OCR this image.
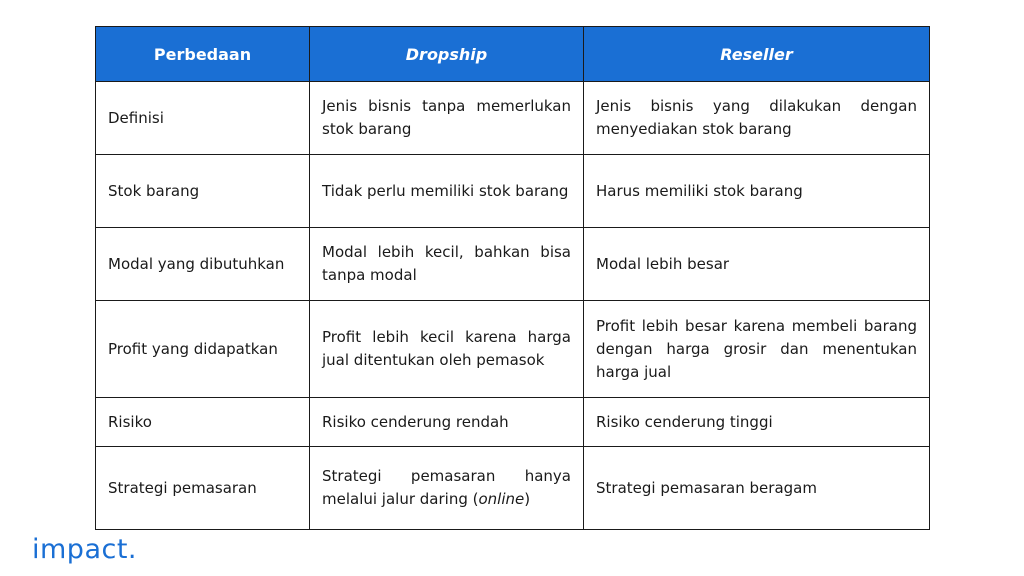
Perbedaan	Dropship	Reseller
Definisi	Jenis bisnis tanpa memerlukan stok barang	Jenis bisnis yang dilakukan dengan menyediakan stok barang
Stok barang	Tidak perlu memiliki stok barang	Harus memiliki stok barang
Modal yang dibutuhkan	Modal lebih kecil, bahkan bisa tanpa modal	Modal lebih besar
Profit yang didapatkan	Profit lebih kecil karena harga jual ditentukan oleh pemasok	Profit lebih besar karena membeli barang dengan harga grosir dan menentukan harga jual
Risiko	Risiko cenderung rendah	Risiko cenderung tinggi
Strategi pemasaran	Strategi pemasaran hanya melalui jalur daring (online)	Strategi pemasaran beragam
impact.
